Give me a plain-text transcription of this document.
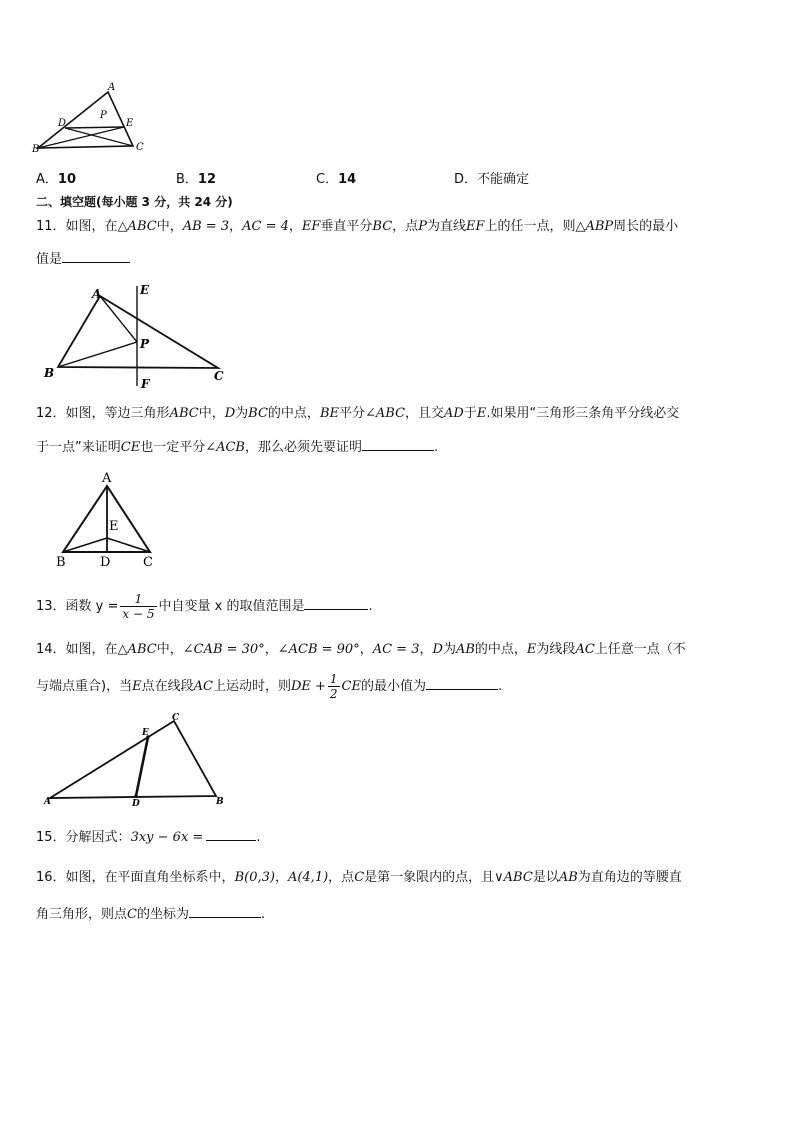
A
D
P
E
B	C
A．10	B．12	C．14	D．不能确定
二、填空题(每小题 3 分，共 24 分)
11．如图，在△ABC中，AB = 3，AC = 4，EF垂直平分BC，点P为直线EF上的任一点，则△ABP周长的最小
值是
A	E
P
B
F
C
12．如图，等边三角形ABC中，D为BC的中点，BE平分∠ABC，且交AD于E.如果用“三角形三条角平分线必交
于一点”来证明CE也一定平分∠ACB，那么必须先要证明	.
A
E
B	D	C
13．函数 $y = \frac{1}{x - 5}$ 中自变量 x 的取值范围是	.
14．如图，在△ABC中，∠CAB = 30°，∠ACB = 90°，AC = 3，D为AB的中点，E为线段AC上任意一点（不
与端点重合)，当E点在线段AC上运动时，则DE + $\frac{1}{2}$ CE的最小值为	.
C
E
A	D	B
15．分解因式：3xy − 6x =	.
16．如图，在平面直角坐标系中，B(0,3)，A(4,1)，点C是第一象限内的点，且∨ABC是以AB为直角边的等腰直
角三角形，则点C的坐标为	.
